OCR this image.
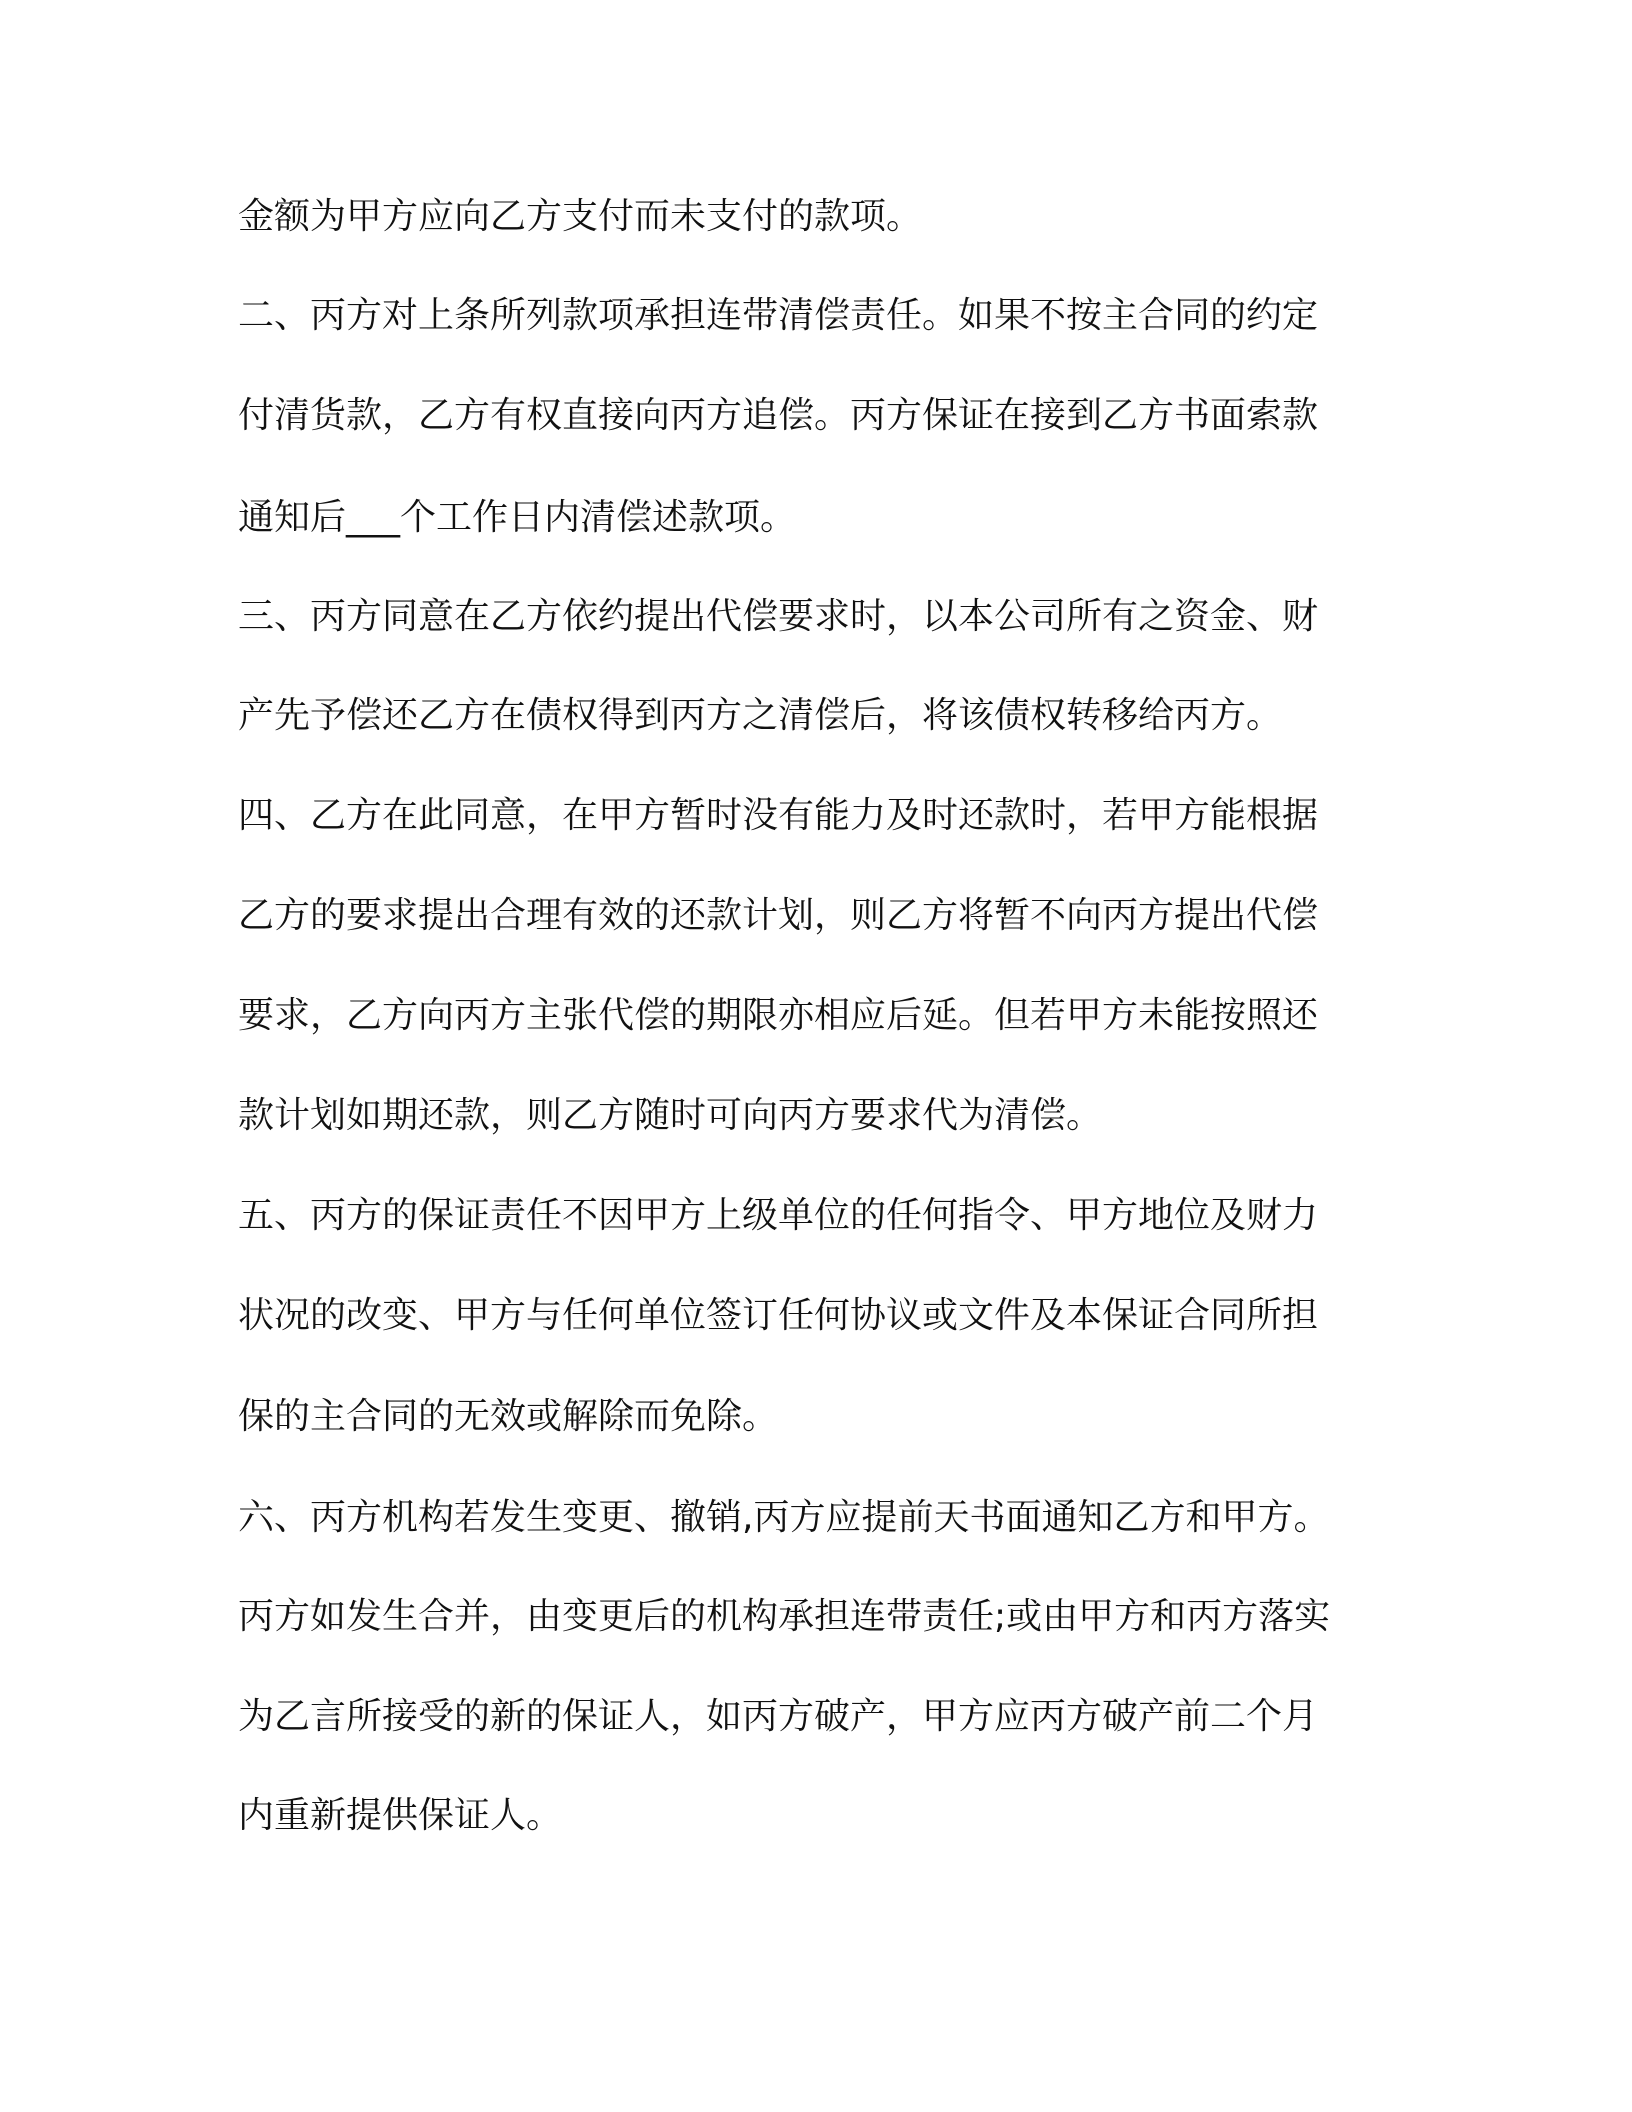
金额为甲方应向乙方支付而未支付的款项。
二、丙方对上条所列款项承担连带清偿责任。如果不按主合同的约定
付清货款，乙方有权直接向丙方追偿。丙方保证在接到乙方书面索款
通知后___个工作日内清偿述款项。
三、丙方同意在乙方依约提出代偿要求时，以本公司所有之资金、财
产先予偿还乙方在债权得到丙方之清偿后，将该债权转移给丙方。
四、乙方在此同意，在甲方暂时没有能力及时还款时，若甲方能根据
乙方的要求提出合理有效的还款计划，则乙方将暂不向丙方提出代偿
要求，乙方向丙方主张代偿的期限亦相应后延。但若甲方未能按照还
款计划如期还款，则乙方随时可向丙方要求代为清偿。
五、丙方的保证责任不因甲方上级单位的任何指令、甲方地位及财力
状况的改变、甲方与任何单位签订任何协议或文件及本保证合同所担
保的主合同的无效或解除而免除。
六、丙方机构若发生变更、撤销,丙方应提前天书面通知乙方和甲方。
丙方如发生合并，由变更后的机构承担连带责任;或由甲方和丙方落实
为乙言所接受的新的保证人，如丙方破产，甲方应丙方破产前二个月
内重新提供保证人。
